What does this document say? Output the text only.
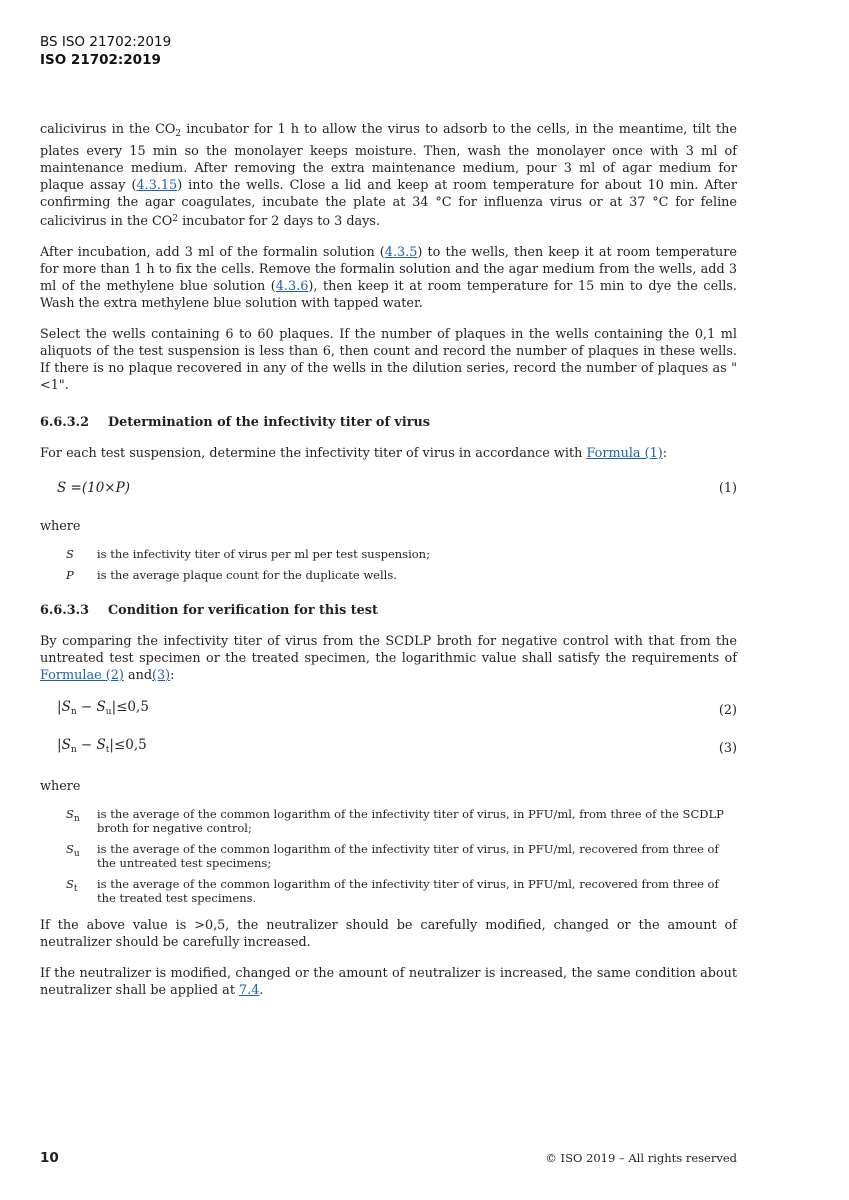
BS ISO 21702:2019
ISO 21702:2019

calicivirus in the $CO_2$ incubator for 1 h to allow the virus to adsorb to the cells, in the meantime, tilt the plates every 15 min so the monolayer keeps moisture. Then, wash the monolayer once with 3 ml of maintenance medium. After removing the extra maintenance medium, pour 3 ml of agar medium for plaque assay (4.3.15) into the wells. Close a lid and keep at room temperature for about 10 min. After confirming the agar coagulates, incubate the plate at 34 °C for influenza virus or at 37 °C for feline calicivirus in the $CO^2$ incubator for 2 days to 3 days.

After incubation, add 3 ml of the formalin solution (4.3.5) to the wells, then keep it at room temperature for more than 1 h to fix the cells. Remove the formalin solution and the agar medium from the wells, add 3 ml of the methylene blue solution (4.3.6), then keep it at room temperature for 15 min to dye the cells. Wash the extra methylene blue solution with tapped water.

Select the wells containing 6 to 60 plaques. If the number of plaques in the wells containing the 0,1 ml aliquots of the test suspension is less than 6, then count and record the number of plaques in these wells. If there is no plaque recovered in any of the wells in the dilution series, record the number of plaques as "<1".

6.6.3.2	Determination of the infectivity titer of virus

For each test suspension, determine the infectivity titer of virus in accordance with Formula (1):

S =(10×P)	(1)
where
S	is the infectivity titer of virus per ml per test suspension;
P	is the average plaque count for the duplicate wells.
6.6.3.3	Condition for verification for this test

By comparing the infectivity titer of virus from the SCDLP broth for negative control with that from the untreated test specimen or the treated specimen, the logarithmic value shall satisfy the requirements of Formulae (2) and(3):

$|S_n - S_u|\le 0,5$	(2)
$|S_n - S_t|\le 0,5$	(3)
where
$S_n$	is the average of the common logarithm of the infectivity titer of virus, in PFU/ml, from three of the SCDLP broth for negative control;
$S_u$	is the average of the common logarithm of the infectivity titer of virus, in PFU/ml, recovered from three of the untreated test specimens;
$S_t$	is the average of the common logarithm of the infectivity titer of virus, in PFU/ml, recovered from three of the treated test specimens.

If the above value is >0,5, the neutralizer should be carefully modified, changed or the amount of neutralizer should be carefully increased.

If the neutralizer is modified, changed or the amount of neutralizer is increased, the same condition about neutralizer shall be applied at 7.4.

10	© ISO 2019 – All rights reserved
